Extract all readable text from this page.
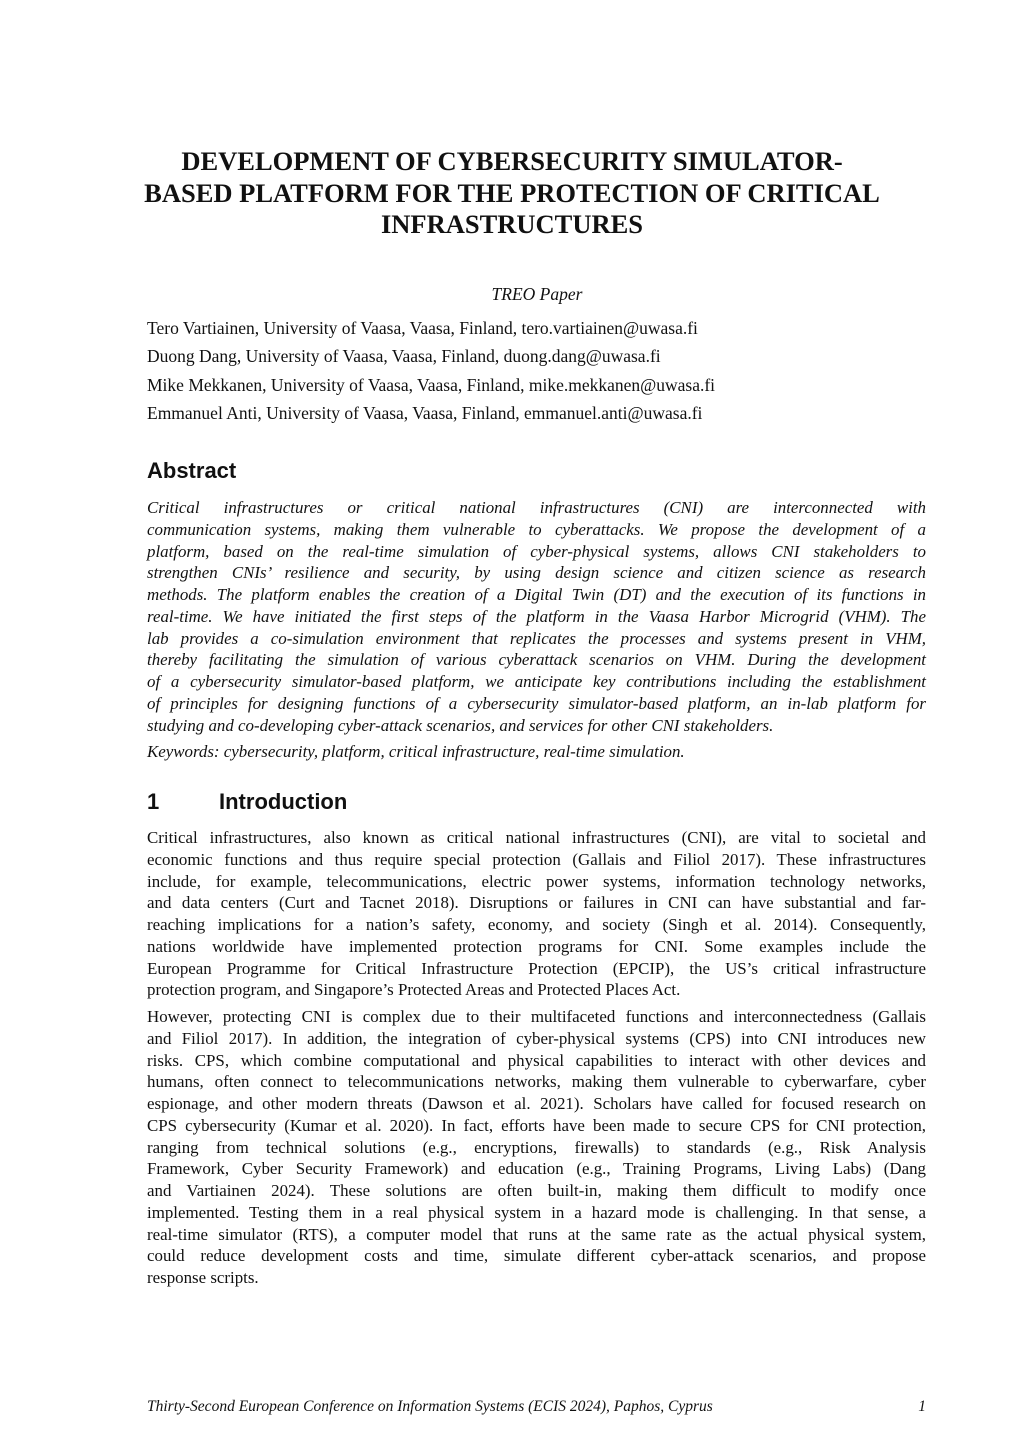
DEVELOPMENT OF CYBERSECURITY SIMULATOR-
BASED PLATFORM FOR THE PROTECTION OF CRITICAL
INFRASTRUCTURES
TREO Paper
Tero Vartiainen, University of Vaasa, Vaasa, Finland, tero.vartiainen@uwasa.fi
Duong Dang, University of Vaasa, Vaasa, Finland, duong.dang@uwasa.fi
Mike Mekkanen, University of Vaasa, Vaasa, Finland, mike.mekkanen@uwasa.fi
Emmanuel Anti, University of Vaasa, Vaasa, Finland, emmanuel.anti@uwasa.fi
Abstract
Critical infrastructures or critical national infrastructures (CNI) are interconnected with
communication systems, making them vulnerable to cyberattacks. We propose the development of a
platform, based on the real-time simulation of cyber-physical systems, allows CNI stakeholders to
strengthen CNIs’ resilience and security, by using design science and citizen science as research
methods. The platform enables the creation of a Digital Twin (DT) and the execution of its functions in
real-time. We have initiated the first steps of the platform in the Vaasa Harbor Microgrid (VHM). The
lab provides a co-simulation environment that replicates the processes and systems present in VHM,
thereby facilitating the simulation of various cyberattack scenarios on VHM. During the development
of a cybersecurity simulator-based platform, we anticipate key contributions including the establishment
of principles for designing functions of a cybersecurity simulator-based platform, an in-lab platform for
studying and co-developing cyber-attack scenarios, and services for other CNI stakeholders.
Keywords: cybersecurity, platform, critical infrastructure, real-time simulation.
1	Introduction
Critical infrastructures, also known as critical national infrastructures (CNI), are vital to societal and
economic functions and thus require special protection (Gallais and Filiol 2017). These infrastructures
include, for example, telecommunications, electric power systems, information technology networks,
and data centers (Curt and Tacnet 2018). Disruptions or failures in CNI can have substantial and far-
reaching implications for a nation’s safety, economy, and society (Singh et al. 2014). Consequently,
nations worldwide have implemented protection programs for CNI. Some examples include the
European Programme for Critical Infrastructure Protection (EPCIP), the US’s critical infrastructure
protection program, and Singapore’s Protected Areas and Protected Places Act.
However, protecting CNI is complex due to their multifaceted functions and interconnectedness (Gallais
and Filiol 2017). In addition, the integration of cyber-physical systems (CPS) into CNI introduces new
risks. CPS, which combine computational and physical capabilities to interact with other devices and
humans, often connect to telecommunications networks, making them vulnerable to cyberwarfare, cyber
espionage, and other modern threats (Dawson et al. 2021). Scholars have called for focused research on
CPS cybersecurity (Kumar et al. 2020). In fact, efforts have been made to secure CPS for CNI protection,
ranging from technical solutions (e.g., encryptions, firewalls) to standards (e.g., Risk Analysis
Framework, Cyber Security Framework) and education (e.g., Training Programs, Living Labs) (Dang
and Vartiainen 2024). These solutions are often built-in, making them difficult to modify once
implemented. Testing them in a real physical system in a hazard mode is challenging. In that sense, a
real-time simulator (RTS), a computer model that runs at the same rate as the actual physical system,
could reduce development costs and time, simulate different cyber-attack scenarios, and propose
response scripts.
Thirty-Second European Conference on Information Systems (ECIS 2024), Paphos, Cyprus	1
